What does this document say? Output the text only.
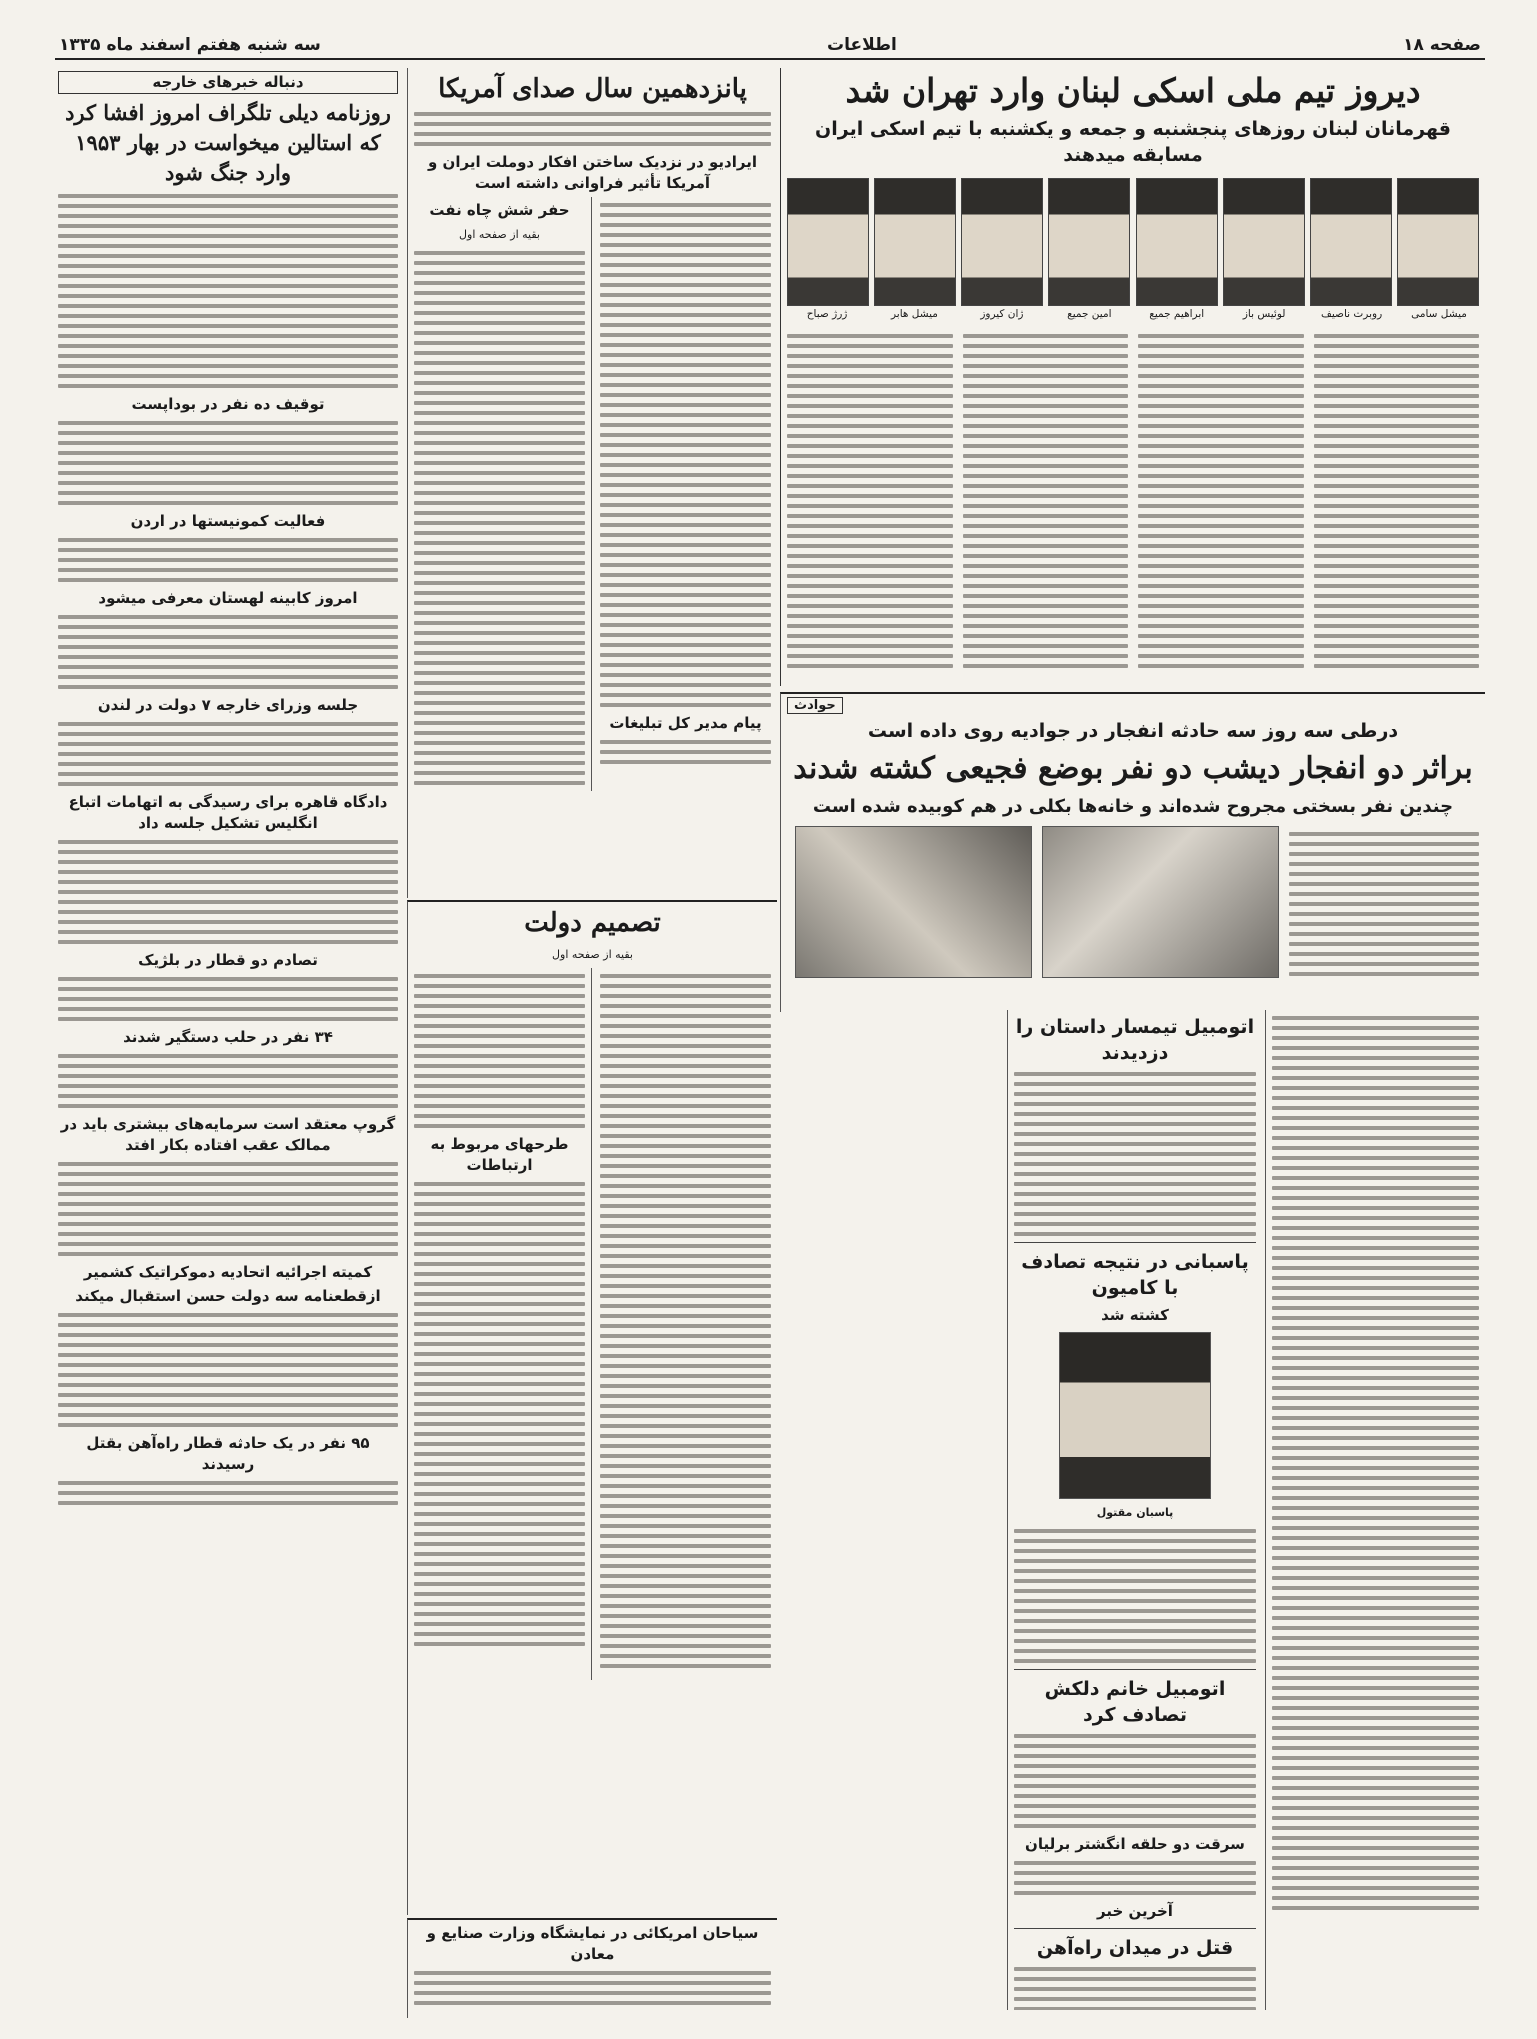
صفحه ۱۸
اطلاعات
سه شنبه هفتم اسفند ماه ۱۳۳۵
دیروز تیم ملی اسکی لبنان وارد تهران شد
قهرمانان لبنان روزهای پنجشنبه و جمعه و یکشنبه با تیم اسکی ایران مسابقه میدهند
میشل سامی
روبرت ناصیف
لوئیس باز
ابراهیم جمیع
امین جمیع
ژان کیروز
میشل هابر
ژرژ صباح
حوادث
درطی سه روز سه حادثه انفجار در جوادیه روی داده است
براثر دو انفجار دیشب دو نفر بوضع فجیعی کشته شدند
چندین نفر بسختی مجروح شده‌اند و خانه‌ها بکلی در هم کوبیده شده است
اتومبیل تیمسار داستان را دزدیدند
پاسبانی در نتیجه تصادف با کامیون
کشته شد
پاسبان مقتول
اتومبیل خانم دلکش تصادف کرد
سرقت دو حلقه انگشتر برلیان
آخرین خبر
قتل در میدان راه‌آهن
پانزدهمین سال صدای آمریکا
ایرادیو در نزدیک ساختن افکار دوملت ایران و آمریکا تأثیر فراوانی داشته است
پیام مدیر کل تبلیغات
حفر شش چاه نفت
بقیه از صفحه اول
تصمیم دولت
بقیه از صفحه اول
طرحهای مربوط به ارتباطات
سیاحان امریکائی در نمایشگاه وزارت صنایع و معادن
دنباله خبرهای خارجه
روزنامه دیلی تلگراف امروز افشا کرد که استالین میخواست در بهار ۱۹۵۳ وارد جنگ شود
توقیف ده نفر در بوداپست
فعالیت کمونیستها در اردن
امروز کابینه لهستان معرفی میشود
جلسه وزرای خارجه ۷ دولت در لندن
دادگاه قاهره برای رسیدگی به اتهامات اتباع انگلیس تشکیل جلسه داد
تصادم دو قطار در بلژیک
۳۴ نفر در حلب دستگیر شدند
گروپ معتقد است سرمایه‌های بیشتری باید در ممالک عقب افتاده بکار افتد
کمیته اجرائیه اتحادیه دموکراتیک کشمیر
ازقطعنامه سه دولت حسن استقبال میکند
۹۵ نفر در یک حادثه قطار راه‌آهن بقتل رسیدند
